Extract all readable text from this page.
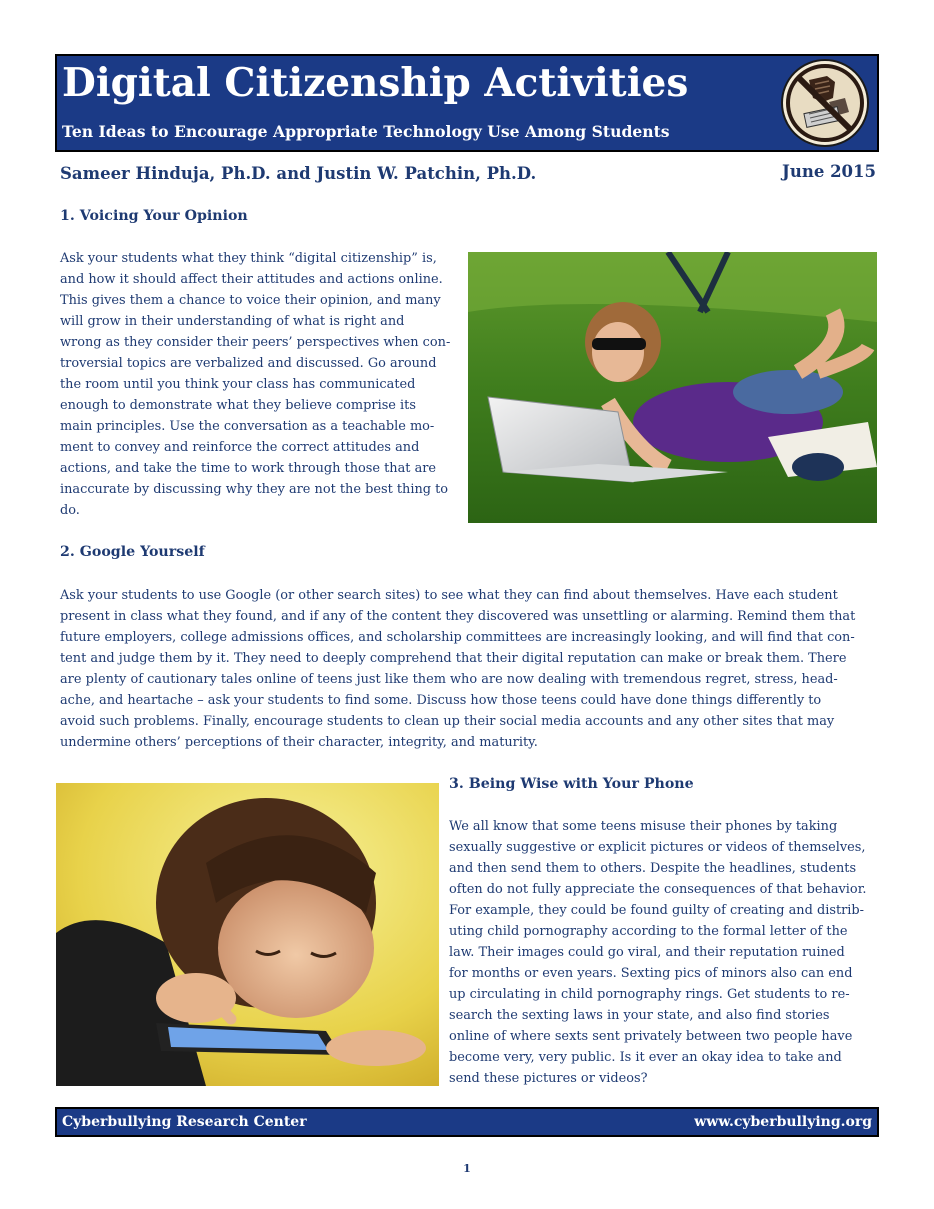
Digital Citizenship Activities
Ten Ideas to Encourage Appropriate Technology Use Among Students

Sameer Hinduja, Ph.D. and Justin W. Patchin, Ph.D.	June 2015

1. Voicing Your Opinion

Ask your students what they think “digital citizenship” is,

and how it should affect their attitudes and actions online.

This gives them a chance to voice their opinion, and many

will grow in their understanding of what is right and

wrong as they consider their peers’ perspectives when con-

troversial topics are verbalized and discussed. Go around

the room until you think your class has communicated

enough to demonstrate what they believe comprise its

main principles. Use the conversation as a teachable mo-

ment to convey and reinforce the correct attitudes and

actions, and take the time to work through those that are

inaccurate by discussing why they are not the best thing to

do.

2. Google Yourself

Ask your students to use Google (or other search sites) to see what they can find about themselves. Have each student

present in class what they found, and if any of the content they discovered was unsettling or alarming. Remind them that

future employers, college admissions offices, and scholarship committees are increasingly looking, and will find that con-

tent and judge them by it. They need to deeply comprehend that their digital reputation can make or break them. There

are plenty of cautionary tales online of teens just like them who are now dealing with tremendous regret, stress, head-

ache, and heartache – ask your students to find some. Discuss how those teens could have done things differently to

avoid such problems. Finally, encourage students to clean up their social media accounts and any other sites that may

undermine others’ perceptions of their character, integrity, and maturity.

3. Being Wise with Your Phone

We all know that some teens misuse their phones by taking

sexually suggestive or explicit pictures or videos of themselves,

and then send them to others. Despite the headlines, students

often do not fully appreciate the consequences of that behavior.

For example, they could be found guilty of creating and distrib-

uting child pornography according to the formal letter of the

law. Their images could go viral, and their reputation ruined

for months or even years. Sexting pics of minors also can end

up circulating in child pornography rings. Get students to re-

search the sexting laws in your state, and also find stories

online of where sexts sent privately between two people have

become very, very public. Is it ever an okay idea to take and

send these pictures or videos?

Cyberbullying Research Center	www.cyberbullying.org

1
